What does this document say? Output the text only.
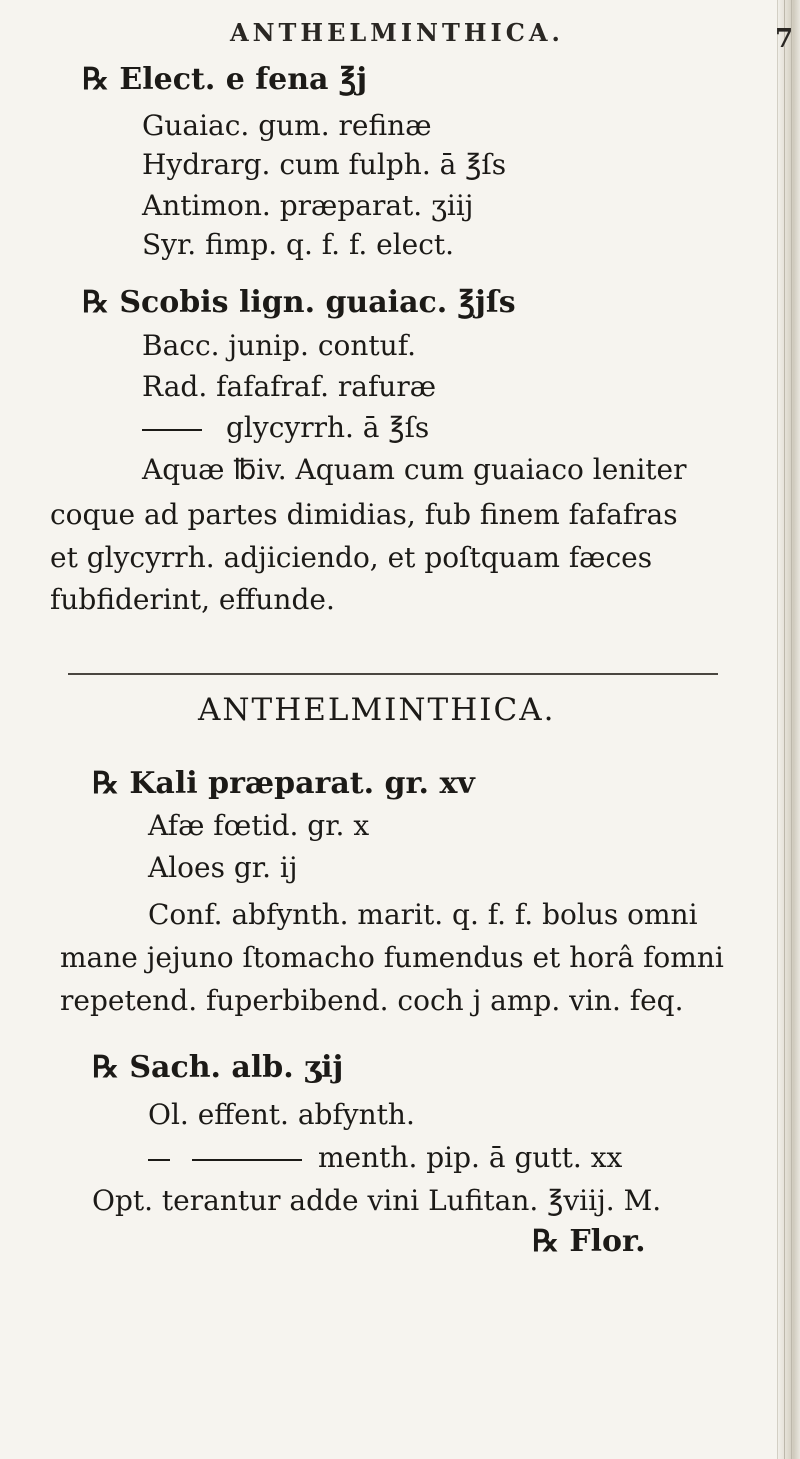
ANTHELMINTHICA.	7
℞ Elect. e fena ℥j
Guaiac. gum. refinæ
Hydrarg. cum fulph. ā ℥ſs
Antimon. præparat. ʒiij
Syr. fimp. q. f. f. elect.
℞ Scobis lign. guaiac. ℥jſs
Bacc. junip. contuf.
Rad. fafafraf. rafuræ
glycyrrh. ā ℥ſs
Aquæ ℔iv. Aquam cum guaiaco leniter
coque ad partes dimidias, fub finem fafafras
et glycyrrh. adjiciendo, et poſtquam fæces
fubfiderint, effunde.
ANTHELMINTHICA.
℞ Kali præparat. gr. xv
Afæ fœtid. gr. x
Aloes gr. ij
Conf. abfynth. marit. q. f. f. bolus omni
mane jejuno ſtomacho fumendus et horâ fomni
repetend. fuperbibend. coch j amp. vin. feq.
℞ Sach. alb. ʒij
Ol. effent. abfynth.
menth. pip. ā gutt. xx
Opt. terantur adde vini Lufitan. ℥viij. M.
℞ Flor.
